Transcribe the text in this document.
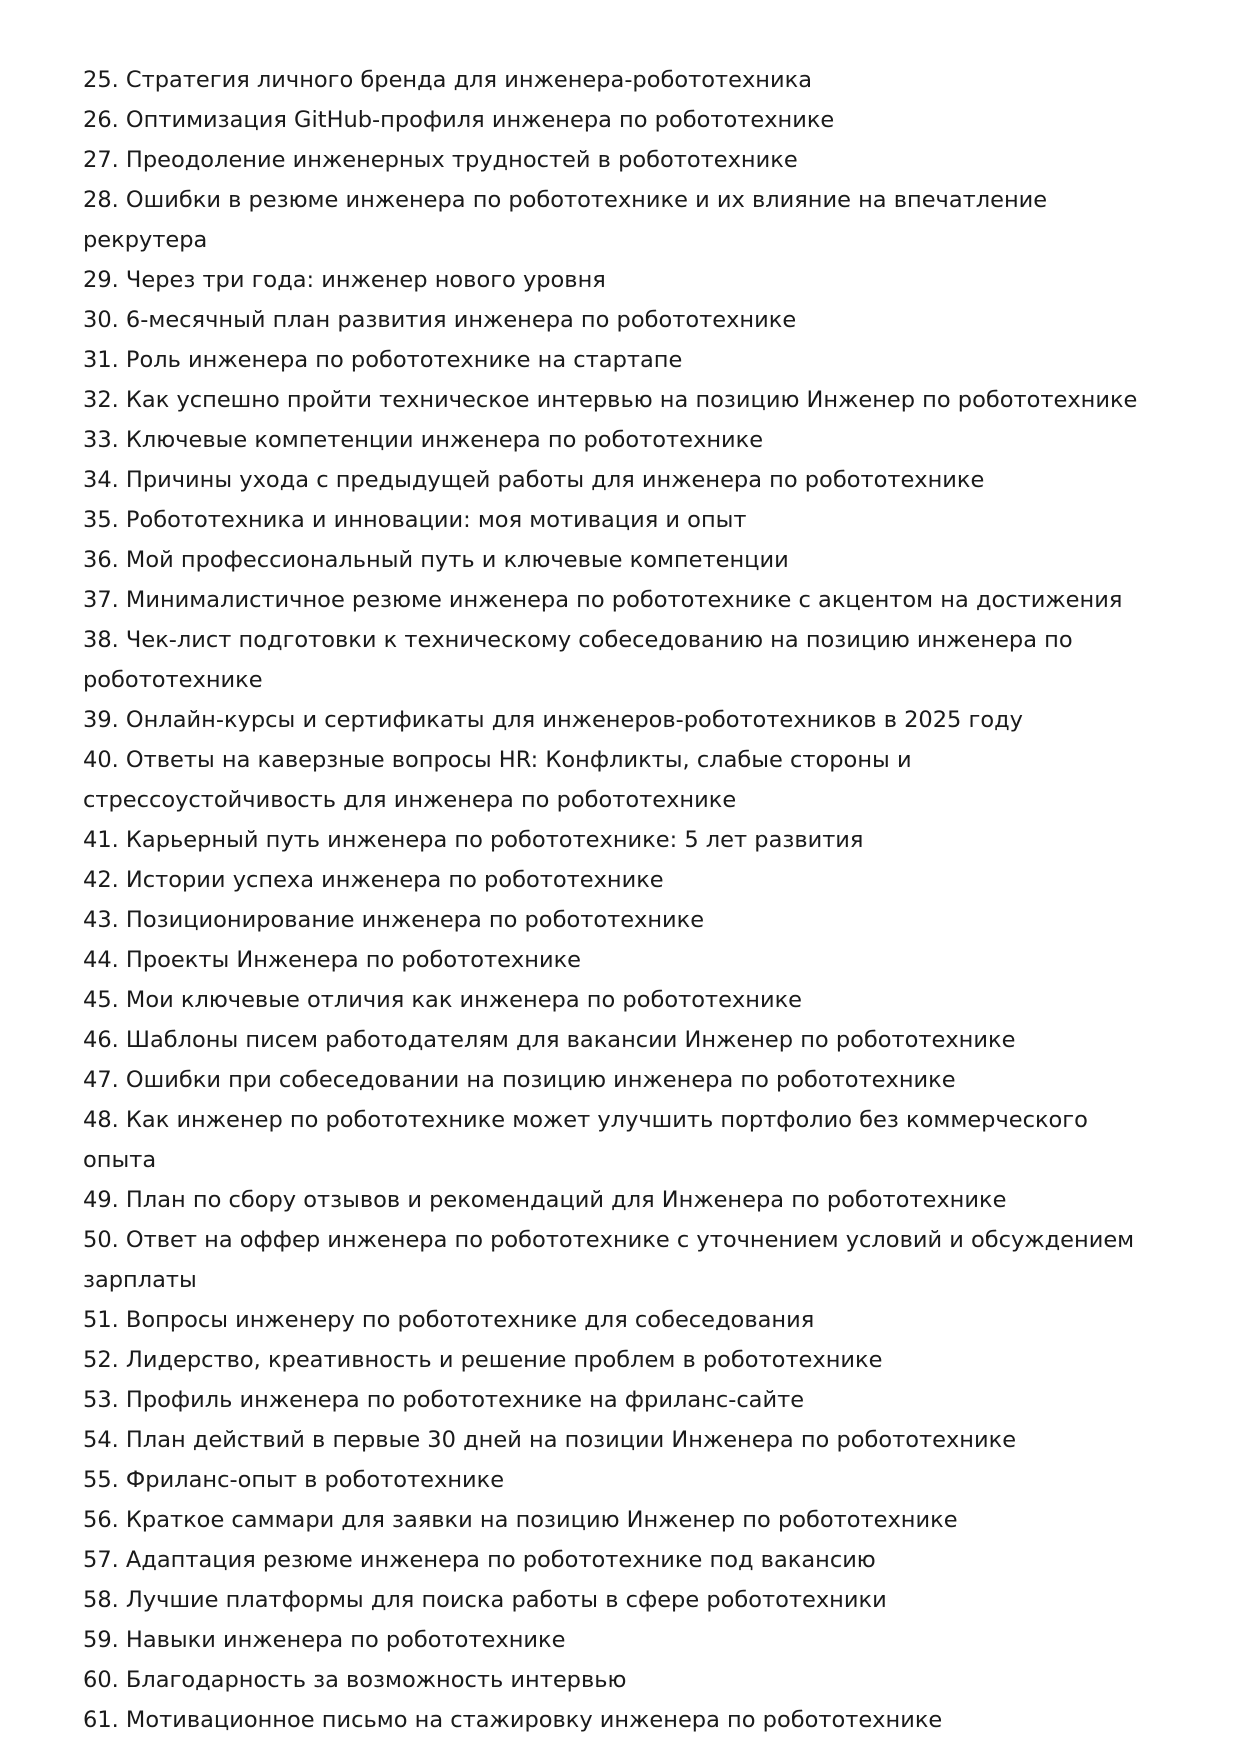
25. Стратегия личного бренда для инженера-робототехника
26. Оптимизация GitHub-профиля инженера по робототехнике
27. Преодоление инженерных трудностей в робототехнике
28. Ошибки в резюме инженера по робототехнике и их влияние на впечатление рекрутера
29. Через три года: инженер нового уровня
30. 6-месячный план развития инженера по робототехнике
31. Роль инженера по робототехнике на стартапе
32. Как успешно пройти техническое интервью на позицию Инженер по робототехнике
33. Ключевые компетенции инженера по робототехнике
34. Причины ухода с предыдущей работы для инженера по робототехнике
35. Робототехника и инновации: моя мотивация и опыт
36. Мой профессиональный путь и ключевые компетенции
37. Минималистичное резюме инженера по робототехнике с акцентом на достижения
38. Чек-лист подготовки к техническому собеседованию на позицию инженера по робототехнике
39. Онлайн-курсы и сертификаты для инженеров-робототехников в 2025 году
40. Ответы на каверзные вопросы HR: Конфликты, слабые стороны и стрессоустойчивость для инженера по робототехнике
41. Карьерный путь инженера по робототехнике: 5 лет развития
42. Истории успеха инженера по робототехнике
43. Позиционирование инженера по робототехнике
44. Проекты Инженера по робототехнике
45. Мои ключевые отличия как инженера по робототехнике
46. Шаблоны писем работодателям для вакансии Инженер по робототехнике
47. Ошибки при собеседовании на позицию инженера по робототехнике
48. Как инженер по робототехнике может улучшить портфолио без коммерческого опыта
49. План по сбору отзывов и рекомендаций для Инженера по робототехнике
50. Ответ на оффер инженера по робототехнике с уточнением условий и обсуждением зарплаты
51. Вопросы инженеру по робототехнике для собеседования
52. Лидерство, креативность и решение проблем в робототехнике
53. Профиль инженера по робототехнике на фриланс-сайте
54. План действий в первые 30 дней на позиции Инженера по робототехнике
55. Фриланс-опыт в робототехнике
56. Краткое саммари для заявки на позицию Инженер по робототехнике
57. Адаптация резюме инженера по робототехнике под вакансию
58. Лучшие платформы для поиска работы в сфере робототехники
59. Навыки инженера по робототехнике
60. Благодарность за возможность интервью
61. Мотивационное письмо на стажировку инженера по робототехнике
